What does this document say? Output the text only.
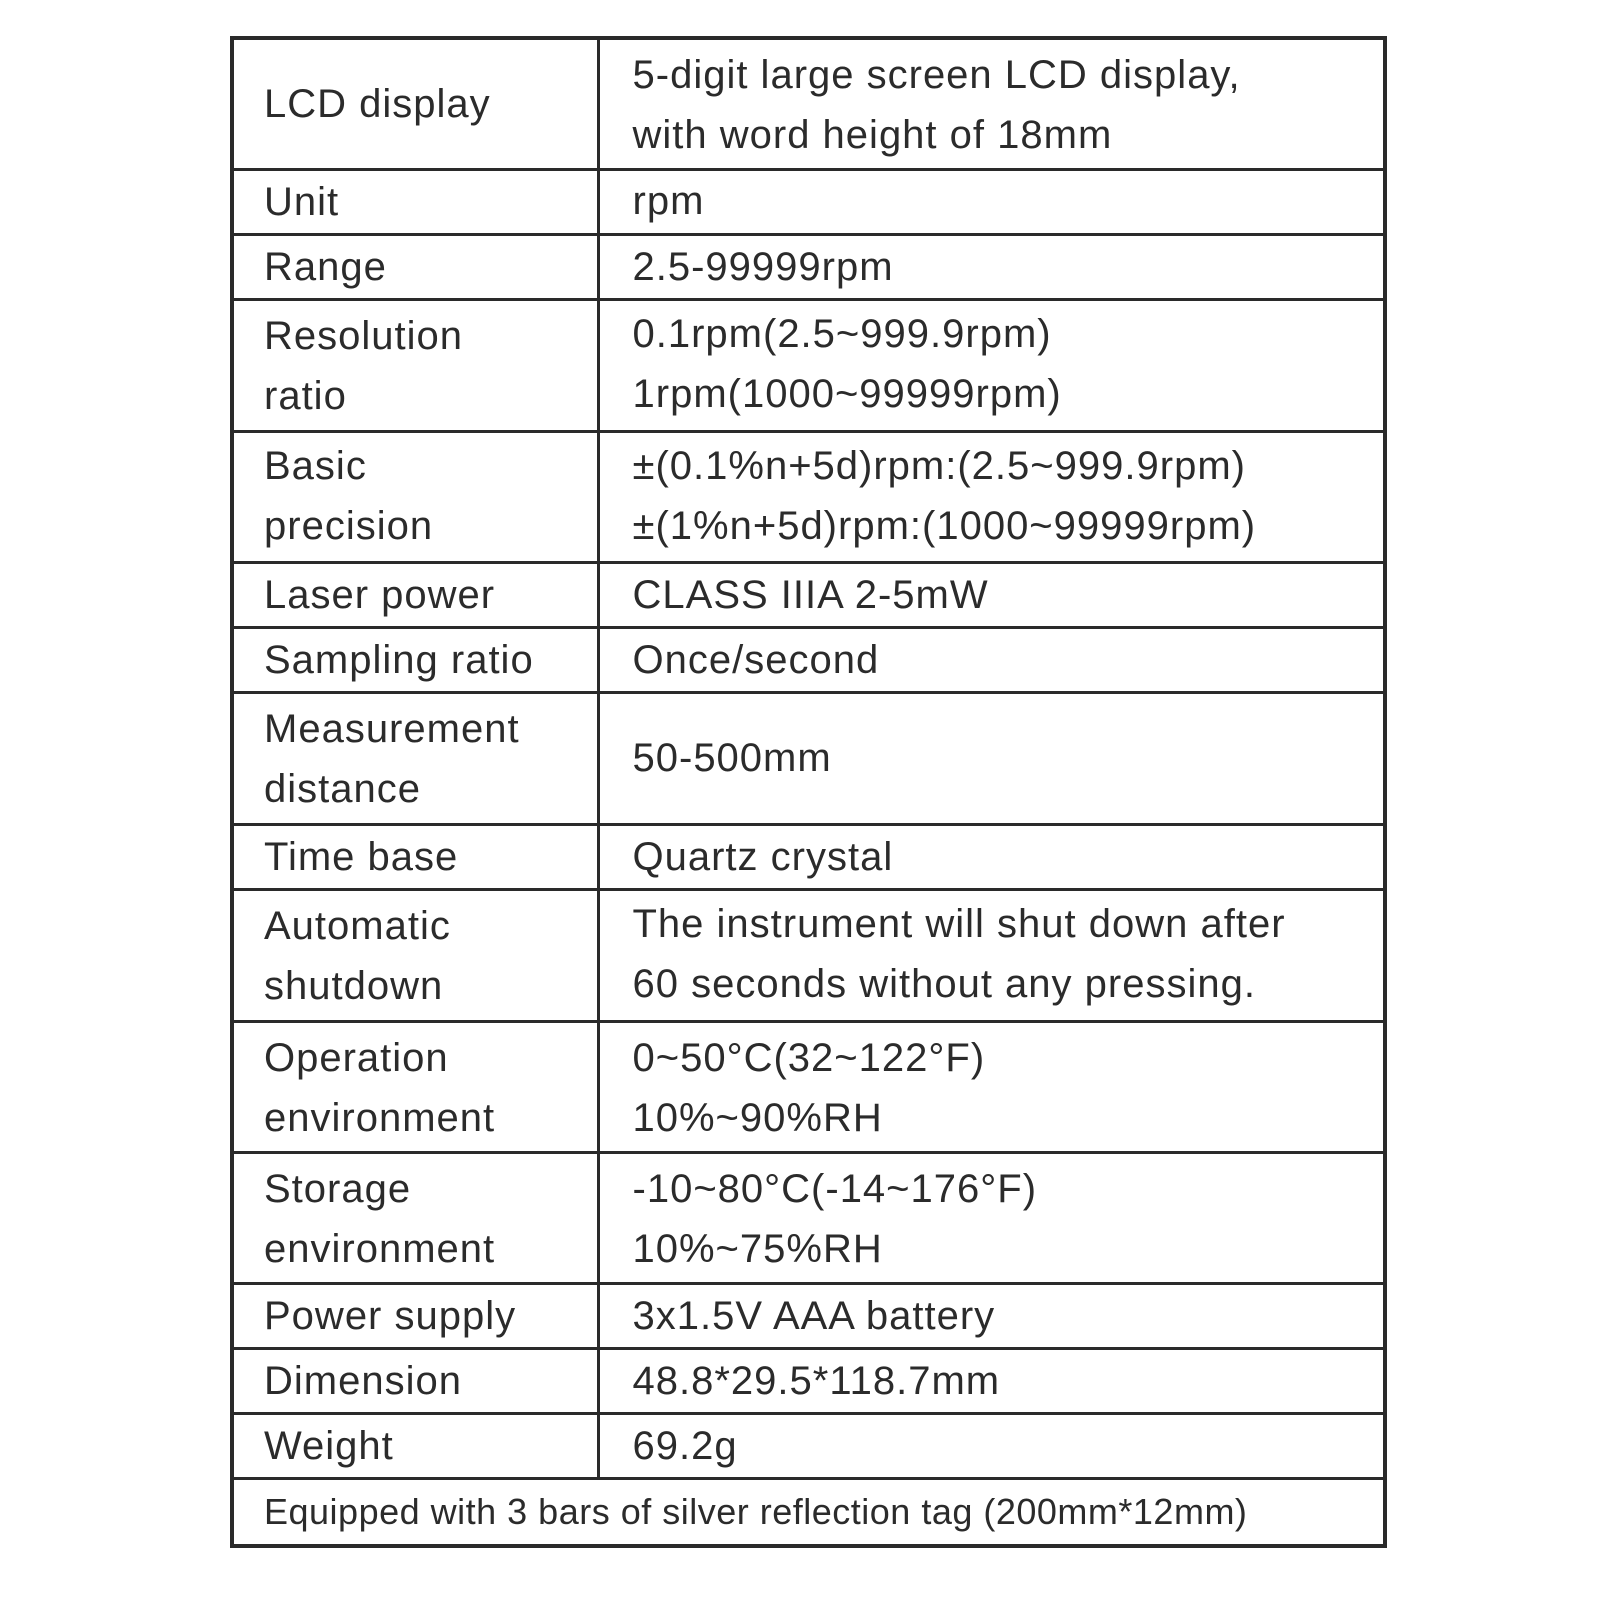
LCD display	5-digit large screen LCD display,
with word height of 18mm

Unit	rpm

Range	2.5-99999rpm

Resolution
ratio	0.1rpm(2.5~999.9rpm)
1rpm(1000~99999rpm)

Basic
precision	±(0.1%n+5d)rpm:(2.5~999.9rpm)
±(1%n+5d)rpm:(1000~99999rpm)

Laser power	CLASS IIIA 2-5mW

Sampling ratio	Once/second

Measurement
distance	50-500mm

Time base	Quartz crystal

Automatic
shutdown	The instrument will shut down after
60 seconds without any pressing.

Operation
environment	0~50°C(32~122°F)
10%~90%RH

Storage
environment	-10~80°C(-14~176°F)
10%~75%RH

Power supply	3x1.5V AAA battery

Dimension	48.8*29.5*118.7mm

Weight	69.2g

Equipped with 3 bars of silver reflection tag (200mm*12mm)	
